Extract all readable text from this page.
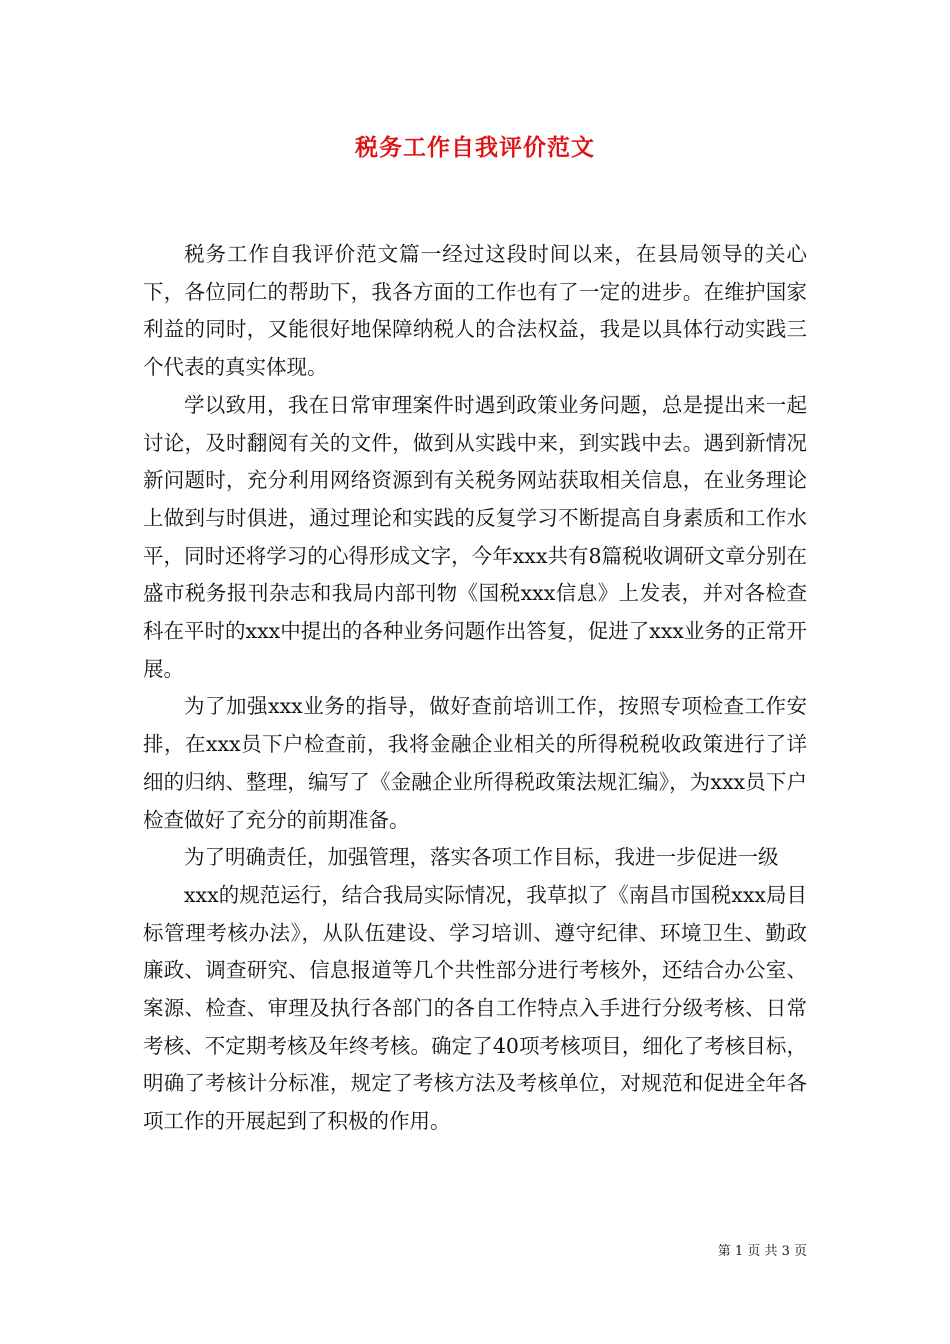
税务工作自我评价范文

税务工作自我评价范文篇一经过这段时间以来，在县局领导的关心下，各位同仁的帮助下，我各方面的工作也有了一定的进步。在维护国家利益的同时，又能很好地保障纳税人的合法权益，我是以具体行动实践三个代表的真实体现。

学以致用，我在日常审理案件时遇到政策业务问题，总是提出来一起讨论，及时翻阅有关的文件，做到从实践中来，到实践中去。遇到新情况新问题时，充分利用网络资源到有关税务网站获取相关信息，在业务理论上做到与时俱进，通过理论和实践的反复学习不断提高自身素质和工作水平，同时还将学习的心得形成文字，今年xxx共有8篇税收调研文章分别在盛市税务报刊杂志和我局内部刊物《国税xxx信息》上发表，并对各检查科在平时的xxx中提出的各种业务问题作出答复，促进了xxx业务的正常开展。

为了加强xxx业务的指导，做好查前培训工作，按照专项检查工作安排，在xxx员下户检查前，我将金融企业相关的所得税税收政策进行了详细的归纳、整理，编写了《金融企业所得税政策法规汇编》，为xxx员下户检查做好了充分的前期准备。

为了明确责任，加强管理，落实各项工作目标，我进一步促进一级

xxx的规范运行，结合我局实际情况，我草拟了《南昌市国税xxx局目标管理考核办法》，从队伍建设、学习培训、遵守纪律、环境卫生、勤政廉政、调查研究、信息报道等几个共性部分进行考核外，还结合办公室、案源、检查、审理及执行各部门的各自工作特点入手进行分级考核、日常考核、不定期考核及年终考核。确定了40项考核项目，细化了考核目标，明确了考核计分标准，规定了考核方法及考核单位，对规范和促进全年各项工作的开展起到了积极的作用。

第 1 页 共 3 页
